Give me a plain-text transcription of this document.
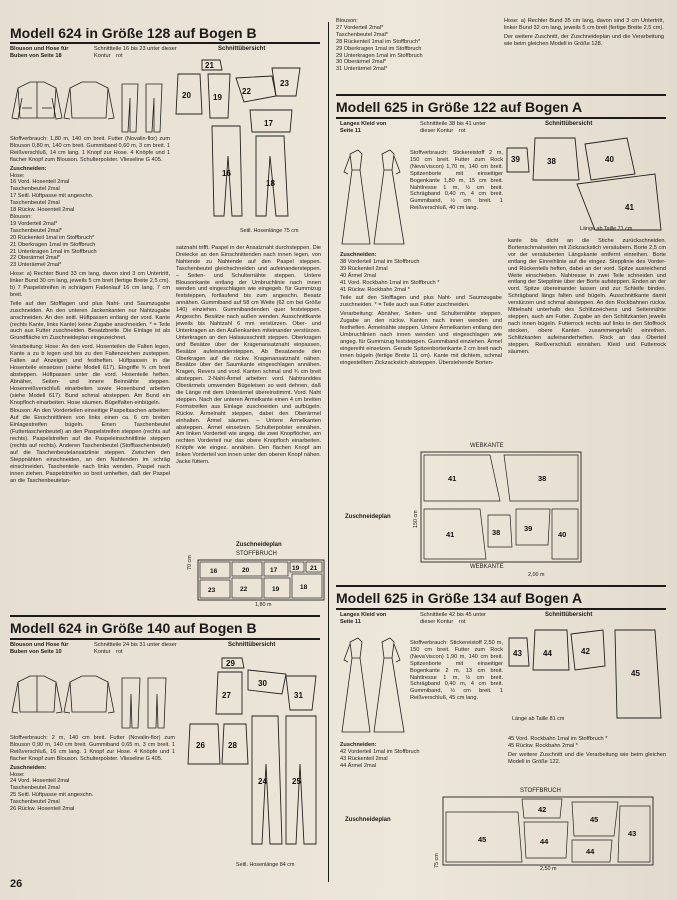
Modell 624 in Größe 128 auf Bogen B
Blouson und Hose für Buben von Seite 18
Schnittteile 16 bis 23 unter dieser Kontur rot
Schnittübersicht
21
20	19
22
23
17
16
18
Seitl. Hosenlänge 75 cm

Stoffverbrauch: 1,80 m, 140 cm breit. Futter (Novalin-flor) zum Blouson 0,80 m, 140 cm breit. Gummiband 0,60 m, 3 cm breit. 1 Reißverschluß, 14 cm lang. 1 Knopf zur Hose. 4 Knöpfe und 1 flacher Knopf zum Blouson. Schulterpolster. Vlieseline G 405.

Zuschneiden:
Hose:
16 Vord. Hosenteil 2mal
Taschenbeutel 2mal
17 Seitl. Hüftpasse mit angeschn.
Taschenbeutel 2mal
18 Rückw. Hosenteil 2mal
Blouson:
19 Vorderteil 2mal*
Taschenbeutel 2mal*
20 Rückenteil 1mal im Stoffbruch*
21 Oberkragen 1mal im Stoffbruch
21 Unterkragen 1mal im Stoffbruch
22 Oberärmel 2mal*
23 Unterärmel 2mal*

Hose: a) Rechter Bund 33 cm lang, davon sind 3 cm Untertritt, linker Bund 30 cm lang, jeweils 5 cm breit (fertige Breite 2,5 cm). b) 7 Paspelstreifen in schrägem Fadenlauf 16 cm lang, 7 cm breit.

Teile auf den Stofflagen und plus Naht- und Saumzugabe zuschneiden. An den unteren Jackenkanten nur Nahtzugabe anschneiden. An den seitl. Hüftpassen entlang der vord. Kante (rechts Kante, links Kante) keine Zugabe anschneiden. * = Teile auch aus Futter zuschneiden. Besatzbreite. Die Einlage ist als Grundfläche im Zuschneideplan eingezeichnet.

Verarbeitung: Hose: An den vord. Hosenteilen die Falten legen, Kante a zu b legen und bis zu den Faltenzeichen zusteppen. Falten auf Anzeigen und festheften. Hüftpassen in die Hosenteile einsetzen (siehe Modell 617). Eingriffe ¾ cm breit absteppen. Hüftpassen unter die vord. Hosenteile heften. Abnäher, Seiten- und innere Beinnähte steppen. Hosenreißverschluß einarbeiten sowie Hosenbund arbeiten (siehe Modell 617). Bund schmal absteppen. Am Bund ein Knopfloch einarbeiten. Hose säumen. Bügelfalten einbügeln.

Blouson: An den Vorderteilen einseitige Paspeltaschen arbeiten: Auf die Einschnittlinien von links einen ca. 6 cm breiten Einlagestreifen bügeln. Einen Taschenbeutel (Futtertaschenbeutel) an den Paspelstreifen steppen (rechts auf rechts). Paspelstreifen auf die Paspeleinschnittlinie steppen (rechts auf rechts). Anderen Taschenbeutel (Stofftaschenbeutel) auf die Taschenbeutelansatzlinie steppen. Zwischen den Steppnähten einschneiden, an den Nahtenden im schräg einschneiden. Taschenteile nach links wenden, Paspel nach innen ziehen. Paspelstreifen so breit umheften, daß der Paspel an die Taschenbeutelan-

satznaht trifft. Paspel in der Ansatznaht durchsteppen. Die Dreiecke an den Einschnittenden nach innen legen, von Nahtende zu Nahtende auf den Paspel steppen. Taschenbeutel gleichschneiden und aufeinandersteppen. – Seiten- und Schulternähte steppen. Untere Blousonkante entlang der Umbruchlinie nach innen wenden und eingeschlagen wie eingegeb. für Gummizug feststeppen, fortlaufend bis zum angeschn. Besatz annähen. Gummiband auf 58 cm Weite (62 cm bei Größe 140) einziehen. Gummibandenden quer feststeppen. Angeschn. Besätze nach außen wenden. Ausschnittkante jeweils bis Nahtzahl 6 mm verstürzen. Ober- und Unterkragen an den Außenkanten miteinander verstürzen. Unterkragen an den Halsausschnitt steppen. Oberkragen und Besätze über der Kragenansatznaht einpassen, Besätze aufeinandersteppen. Ab Besatzende den Oberkragen auf die rückw. Kragenansatznaht nähen. Besätze über der Saumkante eingeschlagen annähen. Kragen, Revers und vord. Kanten schmal und ¾ cm breit absteppen. 2-Naht-Ärmel arbeiten: vord. Nahtranddes Oberärmels umwenden Bügeleisen so weit dehnen, daß die Länge mit dem Unterärmel übereinstimmt. Vord. Naht steppen. Nach der unteren Ärmelkante einen 4 cm breiten Formstreifen aus Einlage zuschneiden und aufbügeln. Rückw. Ärmelnaht steppen, dabei den Oberärmel einhalten. Ärmel säumen. – Untere Ärmelkanten absteppen. Ärmel einsetzen. Schulterpolster einnähen. Am linken Vorderteil wie angeg. die zwei Knopflöcher, am rechten Vorderteil nur das obere Knopfloch einarbeiten. Knöpfe wie eingez. annähen. Den flachen Knopf am linken Vorderteil von innen unter den oberen Knopf nähen. Jacke füttern.

Zuschneideplan
STOFFBRUCH
16	20	17 19 21
23	22	19	18
70 cm
1,80 m
Modell 624 in Größe 140 auf Bogen B
Blouson und Hose für Buben von Seite 10
Schnittteile 24 bis 31 unter dieser Kontur rot
Schnittübersicht
29
27
30
31
26	28
24	25
Seitl. Hosenlänge 84 cm

Stoffverbrauch: 2 m, 140 cm breit. Futter (Novalin-flor) zum Blouson 0,90 m, 140 cm breit. Gummiband 0,65 m, 3 cm breit. 1 Reißverschluß, 16 cm lang. 1 Knopf zur Hose. 4 Knöpfe und 1 flacher Knopf zum Blouson. Schulterpolster. Vlieseline G 405.

Zuschneiden:
Hose:
24 Vord. Hosenteil 2mal
Taschenbeutel 2mal
25 Seitl. Hüftpasse mit angeschn.
Taschenbeutel 2mal
26 Rückw. Hosenteil 2mal
26
Blouson:
27 Vorderteil 2mal*
Taschenbeutel 2mal*
28 Rückenteil 1mal im Stoffbruch*
29 Oberkragen 1mal im Stoffbruch
29 Unterkragen 1mal im Stoffbruch
30 Oberärmel 2mal*
31 Unterärmel 2mal*

Hose: a) Rechter Bund 35 cm lang, davon sind 3 cm Untertritt, linker Bund 32 cm lang, jeweils 5 cm breit (fertige Breite 2,5 cm).

Der weitere Zuschnitt, der Zuschneideplan und die Verarbeitung wie beim gleichen Modell in Größe 128.

Modell 625 in Größe 122 auf Bogen A
Langes Kleid von Seite 11
Schnittteile 38 bis 41 unter dieser Kontur rot
Schnittübersicht
39	38	40
41
Länge ab Taille 71 cm

Stoffverbrauch: Stickereistoff 2 m, 150 cm breit. Futter zum Rock (Neva'viscon) 1,70 m, 140 cm breit. Spitzenborte mit einseitiger Bogenkante 1,80 m, 15 cm breit. Nahtlresse 1 m, ½ cm breit. Schrägband 0,40 m, 4 cm breit. Gummiband, ½ cm breit. 1 Reißverschluß, 40 cm lang.

Zuschneiden:
38 Vorderteil 1mal im Stoffbruch
39 Rückenteil 2mal
40 Ärmel 2mal
41 Vord. Rockbahn 1mal im Stoffbruch *
41 Rückw. Rockbahn 2mal *

Teile auf den Stofflagen und plus Naht- und Saumzugabe zuschneiden. * = Teile auch aus Futter zuschneiden.

Verarbeitung: Abnäher, Seiten- und Schulternähte steppen. Zugabe an den rückw. Kanten nach innen wenden und festheften. Ärmelnähte steppen. Untere Ärmelkanten entlang den Umbruchlinien nach innen wenden und eingeschlagen wie angeg. für Gummizug feststeppen. Gummiband einziehen. Ärmel eingereiht einsetzen. Gerade Spitzenbortenkante 2 cm breit nach innen bügeln (fertige Breite 11 cm). Kante mit dichtem, schmal eingestelltem Zickzackstich absteppen. Überstehende Borten-

kante bis dicht an die Stiche zurückschneiden. Bortenschmalseiten mit Zickzackstich versäubern. Borte 2,5 cm vor der versäuberten Längskante entfernt einreihen. Borte entlang der Einreihlinie auf die eingez. Stepplinie des Vorder- und Rückenteils heften, dabei an der vord. Spitze ausreichend Weite einschieben. Nahtresse in zwei Teile schneiden und entlang der Stepplinie über der Borte aufsteppen. Enden an der vord. Spitze übereinander lassen und zur Schleife binden. Schrägband längs falten und bügeln. Ausschnittkante damit verstürzen und schmal absteppen. An den Rockbahnen rückw. Mittelnaht unterhalb des Schlitzzeichens und Seitennähte steppen, auch am Futter. Zugabe an den Schlitzkanten jeweils nach innen bügeln. Futterrock rechts auf links in den Stoffrock stecken, obere Kanten zusammengefaßt einreihen. Schlitzkanten aufeinanderheften. Rock an das Oberteil steppen. Reißverschluß einnähen. Kleid und Futterrock säumen.

WEBKANTE
Zuschneideplan	150 cm
41	38
41	38	39
40
WEBKANTE
2,00 m
Modell 625 in Größe 134 auf Bogen A
Langes Kleid von Seite 11
Schnittteile 42 bis 45 unter dieser Kontur rot
Schnittübersicht
43	44	42
45
Länge ab Taille 81 cm

Stoffverbrauch: Stickereistoff 2,50 m, 150 cm breit. Futter zum Rock (Neva'viscon) 1,90 m, 140 cm breit. Spitzenborte mit einseitiger Bogenkante 2 m, 13 cm breit. Nahtlresse 1 m, ½ cm breit. Schrägband 0,40 m, 4 cm breit. Gummiband, ½ cm breit. 1 Reißverschluß, 45 cm lang.

Zuschneiden:
42 Vorderteil 1mal im Stoffbruch
43 Rückenteil 2mal
44 Ärmel 2mal
45 Vord. Rockbahn 1mal im Stoffbruch *
45 Rückw. Rockbahn 2mal *

Der weitere Zuschnitt und die Verarbeitung wie beim gleichen Modell in Größe 122.

Zuschneideplan
STOFFBRUCH
75 cm
42
45	44
45
44
43
2,50 m
